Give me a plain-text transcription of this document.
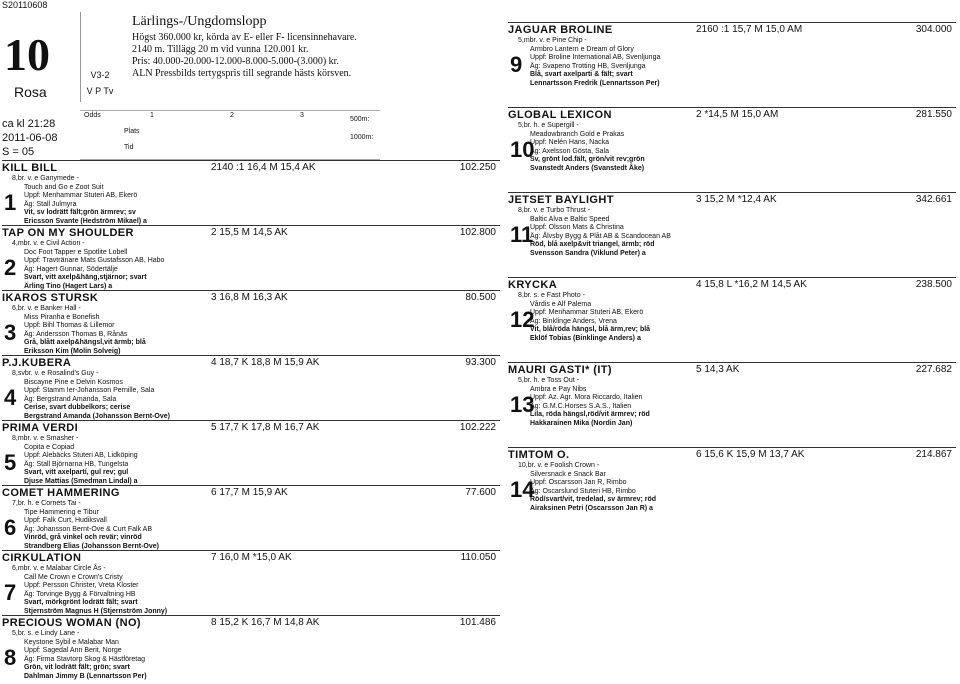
S20110608
10
Rosa
V3-2
V P Tv
ca kl 21:28
2011-06-08
S = 05
Lärlings-/Ungdomslopp
Högst 360.000 kr, körda av E- eller F- licensinnehavare.
2140 m. Tillägg 20 m vid vunna 120.001 kr.
Pris: 40.000-20.000-12.000-8.000-5.000-(3.000) kr.
ALN Pressbilds tertygspris till segrande hästs körsven.
Odds
Plats
Tid
1	2	3
500m:
1000m:
KILL BILL	2140 :1 16,4 M 15,4 AK	102.250
1
8,br. v. e Ganymede -
Touch and Go e Zoot Suit
Uppf: Menhammar Stuteri AB, Ekerö
Äg: Stall Julmyra
Vit, sv lodrätt fält;grön ärmrev; sv
Ericsson Svante (Hedström Mikael) a
TAP ON MY SHOULDER	2 15,5 M 14,5 AK	102.800
2
4,mbr. v. e Civil Action -
Doc Foot Tapper e Spotlite Lobell
Uppf: Travtränare Mats Gustafsson AB, Habo
Äg: Hagert Gunnar, Södertälje
Svart, vitt axelp&häng,stjärnor; svart
Ärling Tino (Hagert Lars) a
IKAROS STURSK	3 16,8 M 16,3 AK	80.500
3
6,br. v. e Banker Hall -
Miss Piranha e Bonefish
Uppf: Bihl Thomas & Lillemor
Äg: Andersson Thomas B, Rånäs
Grå, blått axelp&hängsl,vit ärmb; blå
Eriksson Kim (Molin Solveig)
P.J.KUBERA	4 18,7 K 18,8 M 15,9 AK	93.300
4
8,svbr. v. e Rosalind's Guy -
Biscayne Pine e Delvin Kosmos
Uppf: Stamm Ier-Johansson Pernille, Sala
Äg: Bergstrand Amanda, Sala
Cerise, svart dubbelkors; cerise
Bergstrand Amanda (Johansson Bernt-Ove)
PRIMA VERDI	5 17,7 K 17,8 M 16,7 AK	102.222
5
8,mbr. v. e Smasher -
Copita e Copiad
Uppf: Alebäcks Stuteri AB, Lidköping
Äg: Stall Björnarna HB, Tungelsta
Svart, vitt axelpartí, gul rev; gul
Djuse Mattias (Smedman Lindal) a
COMET HAMMERING	6 17,7 M 15,9 AK	77.600
6
7,br. h. e Cornets Tai -
Tipe Hammering e Tibur
Uppf: Falk Curt, Hudiksvall
Äg: Johansson Bernt-Ove & Curt Falk AB
Vinröd, grå vinkel och revär; vinröd
Strandberg Elias (Johansson Bernt-Ove)
CIRKULATION	7 16,0 M *15,0 AK	110.050
7
6,mbr. v. e Malabar Circle Ås -
Call Me Crown e Crown's Cristy
Uppf: Persson Christer, Vreta Kloster
Äg: Torvinge Bygg & Förvaltning HB
Svart, mörkgrönt lodrätt fält; svart
Stjernström Magnus H (Stjernström Jonny)
PRECIOUS WOMAN (NO)	8 15,2 K 16,7 M 14,8 AK	101.486
8
5,br. s. e Lindy Lane -
Keystone Sybil e Malabar Man
Uppf: Sagedal Ann Berit, Norge
Äg: Firma Stavtorp Skog & Hästföretag
Grön, vit lodrätt fält; grön; svart
Dahlman Jimmy B (Lennartsson Per)
JAGUAR BROLINE	2160 :1 15,7 M 15,0 AM	304.000
9
5,mbr. v. e Pine Chip -
Armbro Lantern e Dream of Glory
Uppf: Broline International AB, Svenljunga
Äg: Svapeno Trotting HB, Svenljunga
Blå, svart axelparti & fält; svart
Lennartsson Fredrik (Lennartsson Per)
GLOBAL LEXICON	2 *14,5 M 15,0 AM	281.550
10
5,br. h. e Supergill -
Meadowbranch Gold e Prakas
Uppf: Nelén Hans, Nacka
Äg: Axelsson Gösta, Sala
Sv, grönt lod.fält, grön/vit rev;grön
Svanstedt Anders (Svanstedt Åke)
JETSET BAYLIGHT	3 15,2 M *12,4 AK	342.661
11
8,br. v. e Turbo Thrust -
Baltic Alva e Baltic Speed
Uppf: Olsson Mats & Christina
Äg: Ålvsby Bygg & Plåt AB & Scandocean AB
Röd, blå axelp&vit triangel, ärmb; röd
Svensson Sandra (Viklund Peter) a
KRYCKA	4 15,8 L *16,2 M 14,5 AK	238.500
12
8,br. s. e Fast Photo -
Vårdis e Alf Palema
Uppf: Menhammar Stuteri AB, Ekerö
Äg: Binklinge Anders, Vrena
Vit, blå/röda hängsl, blå ärm,rev; blå
Eklöf Tobias (Binklinge Anders) a
MAURI GASTI* (IT)	5 14,3 AK	227.682
13
5,br. h. e Toss Out -
Ambra e Pay Nibs
Uppf: Az. Agr. Mora Riccardo, Italien
Äg: G.M.C.Horses S.A.S., Italien
Lila, röda hängsl,röd/vit ärmrev; röd
Hakkarainen Mika (Nordin Jan)
TIMTOM O.	6 15,6 K 15,9 M 13,7 AK	214.867
14
10,br. v. e Foolish Crown -
Silversnack e Snack Bar
Uppf: Oscarsson Jan R, Rimbo
Äg: Oscarslund Stuteri HB, Rimbo
Röd/svart/vit, tredelad, sv ärmrev; röd
Airaksinen Petri (Oscarsson Jan R) a
